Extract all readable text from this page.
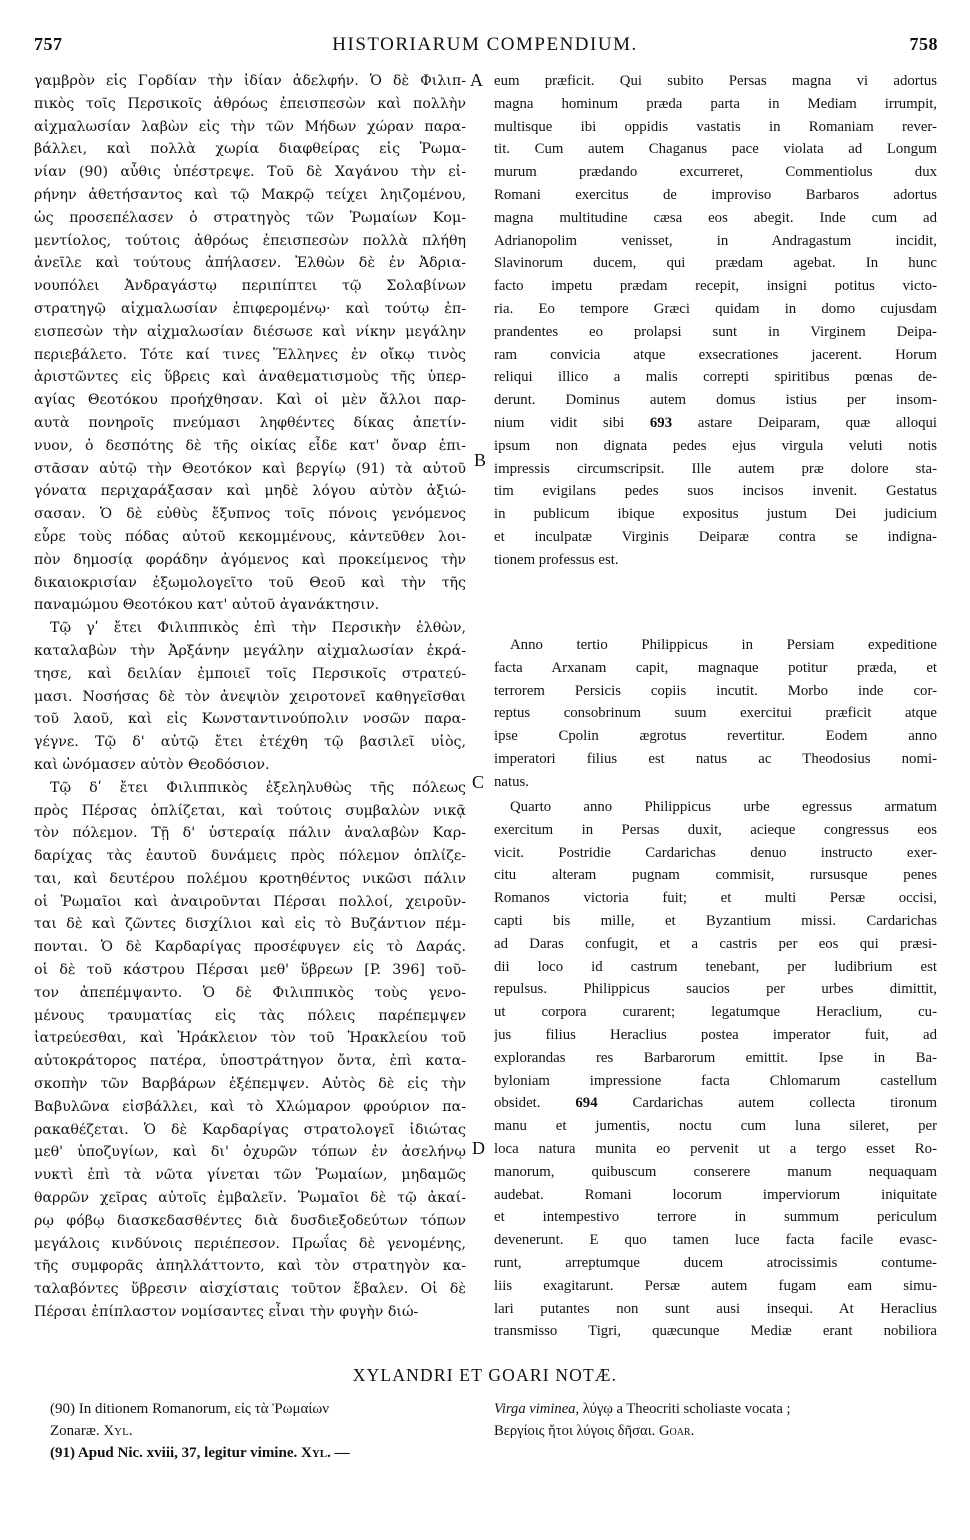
757	HISTORIARUM COMPENDIUM.	758
A
B
C
D
γαμβρὸν εἰς Γορδίαν τὴν ἰδίαν ἀδελφήν. Ὁ δὲ Φιλιπ-
πικὸς τοῖς Περσικοῖς ἀθρόως ἐπεισπεσὼν καὶ πολλὴν
αἰχμαλωσίαν λαβὼν εἰς τὴν τῶν Μήδων χώραν παρα-
βάλλει, καὶ πολλὰ χωρία διαφθείρας εἰς Ῥωμα-
νίαν (90) αὖθις ὑπέστρεψε. Τοῦ δὲ Χαγάνου τὴν εἰ-
ρήνην ἀθετήσαντος καὶ τῷ Μακρῷ τείχει ληιζομένου,
ὡς προσεπέλασεν ὁ στρατηγὸς τῶν Ῥωμαίων Κομ-
μεντίολος, τούτοις ἀθρόως ἐπεισπεσὼν πολλὰ πλήθη
ἀνεῖλε καὶ τούτους ἀπήλασεν. Ἐλθὼν δὲ ἐν Ἀδρια-
νουπόλει Ἀνδραγάστῳ περιπίπτει τῷ Σολαβίνων
στρατηγῷ αἰχμαλωσίαν ἐπιφερομένῳ· καὶ τούτῳ ἐπ-
εισπεσὼν τὴν αἰχμαλωσίαν διέσωσε καὶ νίκην μεγάλην
περιεβάλετο. Τότε καί τινες Ἕλληνες ἐν οἴκῳ τινὸς
ἀριστῶντες εἰς ὕβρεις καὶ ἀναθεματισμοὺς τῆς ὑπερ-
αγίας Θεοτόκου προήχθησαν. Καὶ οἱ μὲν ἄλλοι παρ-
αυτὰ πονηροῖς πνεύμασι ληφθέντες δίκας ἀπετίν-
νυον, ὁ δεσπότης δὲ τῆς οἰκίας εἶδε κατ' ὄναρ ἐπι-
στᾶσαν αὐτῷ τὴν Θεοτόκον καὶ βεργίῳ (91) τὰ αὐτοῦ
γόνατα περιχαράξασαν καὶ μηδὲ λόγου αὐτὸν ἀξιώ-
σασαν. Ὁ δὲ εὐθὺς ἔξυπνος τοῖς πόνοις γενόμενος
εὗρε τοὺς πόδας αὐτοῦ κεκομμένους, κἀντεῦθεν λοι-
πὸν δημοσίᾳ φοράδην ἀγόμενος καὶ προκείμενος τὴν
δικαιοκρισίαν ἐξωμολογεῖτο τοῦ Θεοῦ καὶ τὴν τῆς
παναμώμου Θεοτόκου κατ' αὐτοῦ ἀγανάκτησιν.
Τῷ γʹ ἔτει Φιλιππικὸς ἐπὶ τὴν Περσικὴν ἐλθὼν,
καταλαβὼν τὴν Ἀρξάνην μεγάλην αἰχμαλωσίαν ἐκρά-
τησε, καὶ δειλίαν ἐμποιεῖ τοῖς Περσικοῖς στρατεύ-
μασι. Νοσήσας δὲ τὸν ἀνεψιὸν χειροτονεῖ καθηγεῖσθαι
τοῦ λαοῦ, καὶ εἰς Κωνσταντινούπολιν νοσῶν παρα-
γέγνε. Τῷ δ' αὐτῷ ἔτει ἐτέχθη τῷ βασιλεῖ υἱὸς,
καὶ ὠνόμασεν αὐτὸν Θεοδόσιον.
Τῷ δʹ ἔτει Φιλιππικὸς ἐξεληλυθὼς τῆς πόλεως
πρὸς Πέρσας ὁπλίζεται, καὶ τούτοις συμβαλὼν νικᾷ
τὸν πόλεμον. Τῇ δ' ὑστεραίᾳ πάλιν ἀναλαβὼν Καρ-
δαρίχας τὰς ἑαυτοῦ δυνάμεις πρὸς πόλεμον ὁπλίζε-
ται, καὶ δευτέρου πολέμου κροτηθέντος νικῶσι πάλιν
οἱ Ῥωμαῖοι καὶ ἀναιροῦνται Πέρσαι πολλοί, χειροῦν-
ται δὲ καὶ ζῶντες δισχίλιοι καὶ εἰς τὸ Βυζάντιον πέμ-
πονται. Ὁ δὲ Καρδαρίγας προσέφυγεν εἰς τὸ Δαράς.
οἱ δὲ τοῦ κάστρου Πέρσαι μεθ' ὕβρεων [P. 396] τοῦ-
τον ἀπεπέμψαντο. Ὁ δὲ Φιλιππικὸς τοὺς γενο-
μένους τραυματίας εἰς τὰς πόλεις παρέπεμψεν
ἰατρεύεσθαι, καὶ Ἡράκλειον τὸν τοῦ Ἡρακλείου τοῦ
αὐτοκράτορος πατέρα, ὑποστράτηγον ὄντα, ἐπὶ κατα-
σκοπὴν τῶν Βαρβάρων ἐξέπεμψεν. Αὐτὸς δὲ εἰς τὴν
Βαβυλῶνα εἰσβάλλει, καὶ τὸ Χλώμαρον φρούριον πα-
ρακαθέζεται. Ὁ δὲ Καρδαρίγας στρατολογεῖ ἰδιώτας
μεθ' ὑποζυγίων, καὶ δι' ὀχυρῶν τόπων ἐν ἀσελήνῳ
νυκτὶ ἐπὶ τὰ νῶτα γίνεται τῶν Ῥωμαίων, μηδαμῶς
θαρρῶν χεῖρας αὐτοῖς ἐμβαλεῖν. Ῥωμαῖοι δὲ τῷ ἀκαί-
ρῳ φόβῳ διασκεδασθέντες διὰ δυσδιεξοδεύτων τόπων
μεγάλοις κινδύνοις περιέπεσον. Πρωΐας δὲ γενομένης,
τῆς συμφορᾶς ἀπηλλάττοντο, καὶ τὸν στρατηγὸν κα-
ταλαβόντες ὕβρεσιν αἰσχίσταις τοῦτον ἔβαλεν. Οἱ δὲ
Πέρσαι ἐπίπλαστον νομίσαντες εἶναι τὴν φυγὴν διώ-
eum præficit. Qui subito Persas magna vi adortus
magna hominum præda parta in Mediam irrumpit,
multisque ibi oppidis vastatis in Romaniam rever-
tit. Cum autem Chaganus pace violata ad Longum
murum prædando excurreret, Commentiolus dux
Romani exercitus de improviso Barbaros adortus
magna multitudine cæsa eos abegit. Inde cum ad
Adrianopolim venisset, in Andragastum incidit,
Slavinorum ducem, qui prædam agebat. In hunc
facto impetu prædam recepit, insigni potitus victo-
ria. Eo tempore Græci quidam in domo cujusdam
prandentes eo prolapsi sunt in Virginem Deipa-
ram convicia atque exsecrationes jacerent. Horum
reliqui illico a malis correpti spiritibus pœnas de-
derunt. Dominus autem domus istius per insom-
nium vidit sibi 693 astare Deiparam, quæ alloqui
ipsum non dignata pedes ejus virgula veluti notis
impressis circumscripsit. Ille autem præ dolore sta-
tim evigilans pedes suos incisos invenit. Gestatus
in publicum ibique expositus justum Dei judicium
et inculpatæ Virginis Deiparæ contra se indigna-
tionem professus est.
Anno tertio Philippicus in Persiam expeditione
facta Arxanam capit, magnaque potitur præda, et
terrorem Persicis copiis incutit. Morbo inde cor-
reptus consobrinum suum exercitui præficit atque
ipse Cpolin ægrotus revertitur. Eodem anno
imperatori filius est natus ac Theodosius nomi-
natus.
Quarto anno Philippicus urbe egressus armatum
exercitum in Persas duxit, acieque congressus eos
vicit. Postridie Cardarichas denuo instructo exer-
citu alteram pugnam commisit, rursusque penes
Romanos victoria fuit; et multi Persæ occisi,
capti bis mille, et Byzantium missi. Cardarichas
ad Daras confugit, et a castris per eos qui præsi-
dii loco id castrum tenebant, per ludibrium est
repulsus. Philippicus saucios per urbes dimittit,
ut corpora curarent; legatumque Heraclium, cu-
jus filius Heraclius postea imperator fuit, ad
explorandas res Barbarorum emittit. Ipse in Ba-
byloniam impressione facta Chlomarum castellum
obsidet. 694 Cardarichas autem collecta tironum
manu et jumentis, noctu cum luna sileret, per
loca natura munita eo pervenit ut a tergo esset Ro-
manorum, quibuscum conserere manum nequaquam
audebat. Romani locorum imperviorum iniquitate
et intempestivo terrore in summum periculum
devenerunt. E quo tamen luce facta facile evasc-
runt, arreptumque ducem atrocissimis contume-
liis exagitarunt. Persæ autem fugam eam simu-
lari putantes non sunt ausi insequi. At Heraclius
transmisso Tigri, quæcunque Mediæ erant nobiliora
XYLANDRI ET GOARI NOTÆ.
(90) In ditionem Romanorum, εἰς τὰ Ῥωμαίων
Zonaræ. Xyl.
(91) Apud Nic. xviii, 37, legitur vimine. Xyl. —
Virga viminea, λύγῳ a Theocriti scholiaste vocata ;
Βεργίοις ἤτοι λύγοις δῆσαι. Goar.
